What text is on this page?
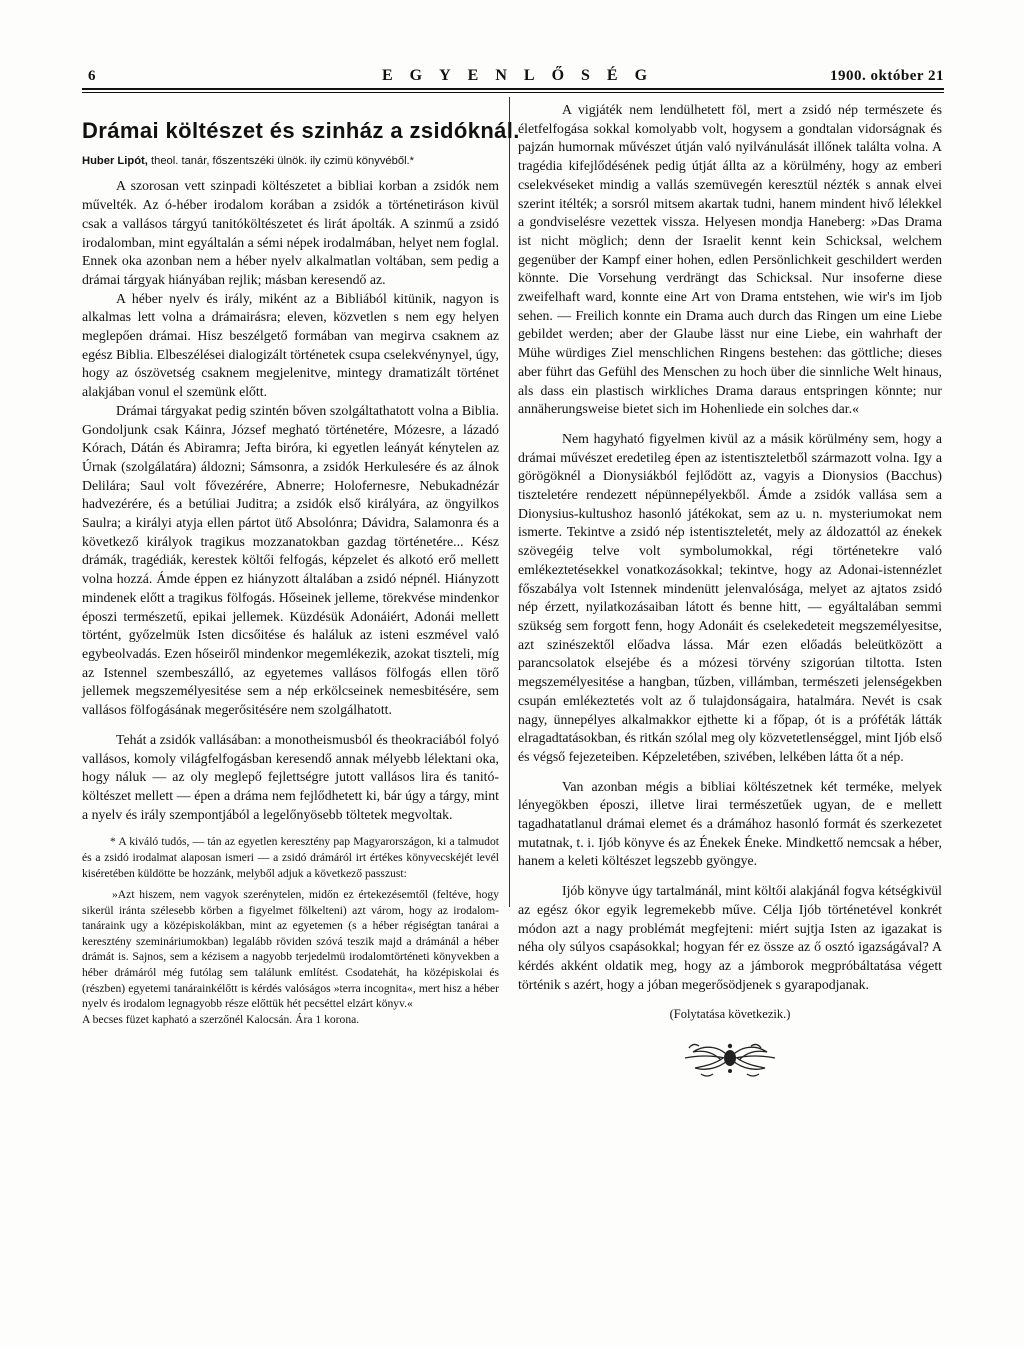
6	EGYENLŐSÉG	1900. október 21
Drámai költészet és szinház a zsidóknál.
Huber Lipót, theol. tanár, főszentszéki ülnök. ily czimü könyvéből.*

A szorosan vett szinpadi költészetet a bibliai korban a zsidók nem művelték. Az ó-héber irodalom korában a zsidók a történetiráson kivül csak a vallásos tárgyú tanitóköltészetet és lirát ápolták. A szinmű a zsidó irodalomban, mint egyáltalán a sémi népek irodalmában, helyet nem foglal. Ennek oka azonban nem a héber nyelv alkalmatlan voltában, sem pedig a drámai tárgyak hiányában rejlik; másban keresendő az.

A héber nyelv és irály, miként az a Bibliából kitünik, nagyon is alkalmas lett volna a drámairásra; eleven, közvetlen s nem egy helyen meglepően drámai. Hisz beszélgető formában van megirva csaknem az egész Biblia. Elbeszélései dialogizált történetek csupa cselekvénynyel, úgy, hogy az ószövetség csaknem megjelenitve, mintegy dramatizált történet alakjában vonul el szemünk előtt.

Drámai tárgyakat pedig szintén bőven szolgáltathatott volna a Biblia. Gondoljunk csak Káinra, József megható történetére, Mózesre, a lázadó Kórach, Dátán és Abiramra; Jefta biróra, ki egyetlen leányát kénytelen az Úrnak (szolgálatára) áldozni; Sámsonra, a zsidók Herkulesére és az álnok Delilára; Saul volt fővezérére, Abnerre; Holofernesre, Nebukadnézár hadvezérére, és a betúliai Juditra; a zsidók első királyára, az öngyilkos Saulra; a királyi atyja ellen pártot ütő Absolónra; Dávidra, Salamonra és a következő királyok tragikus mozzanatokban gazdag történetére... Kész drámák, tragédiák, kerestek költői felfogás, képzelet és alkotó erő mellett volna hozzá. Ámde éppen ez hiányzott általában a zsidó népnél. Hiányzott mindenek előtt a tragikus fölfogás. Hőseinek jelleme, törekvése mindenkor époszi természetű, epikai jellemek. Küzdésük Adonáiért, Adonái mellett történt, győzelmük Isten dicsőitése és haláluk az isteni eszmével való egybeolvadás. Ezen hőseiről mindenkor megemlékezik, azokat tiszteli, míg az Istennel szembeszálló, az egyetemes vallásos fölfogás ellen törő jellemek megszemélyesitése sem a nép erkölcseinek nemesbitésére, sem vallásos fölfogásának megerősitésére nem szolgálhatott.

Tehát a zsidók vallásában: a monotheismusból és theokraciából folyó vallásos, komoly világfelfogásban keresendő annak mélyebb lélektani oka, hogy náluk — az oly meglepő fejlettségre jutott vallásos lira és tanitó-költészet mellett — épen a dráma nem fejlődhetett ki, bár úgy a tárgy, mint a nyelv és irály szempontjából a legelőnyösebb töltetek megvoltak.

* A kiváló tudós, — tán az egyetlen keresztény pap Magyarországon, ki a talmudot és a zsidó irodalmat alaposan ismeri — a zsidó drámáról irt értékes könyvecskéjét levél kiséretében küldötte be hozzánk, melyből adjuk a következő passzust:

»Azt hiszem, nem vagyok szerénytelen, midőn ez értekezésemtől (feltéve, hogy sikerül iránta szélesebb körben a figyelmet fölkelteni) azt várom, hogy az irodalom-tanáraink ugy a középiskolákban, mint az egyetemen (s a héber régiségtan tanárai a keresztény szemináriumokban) legalább röviden szóvá teszik majd a drámánál a héber drámát is. Sajnos, sem a kézisem a nagyobb terjedelmü irodalomtörténeti könyvekben a héber drámáról még futólag sem találunk említést. Csodatehát, ha középiskolai és (részben) egyetemi tanárainkélőtt is kérdés valóságos »terra incognita«, mert hisz a héber nyelv és irodalom legnagyobb része előttük hét pecséttel elzárt könyv.«

A becses füzet kapható a szerzőnél Kalocsán. Ára 1 korona.

A vigjáték nem lendülhetett föl, mert a zsidó nép természete és életfelfogása sokkal komolyabb volt, hogysem a gondtalan vidorságnak és pajzán humornak művészet útján való nyilvánulását illőnek találta volna. A tragédia kifejlődésének pedig útját állta az a körülmény, hogy az emberi cselekvéseket mindig a vallás szemüvegén keresztül nézték s annak elvei szerint itélték; a sorsról mitsem akartak tudni, hanem mindent hivő lélekkel a gondviselésre vezettek vissza. Helyesen mondja Haneberg: »Das Drama ist nicht möglich; denn der Israelit kennt kein Schicksal, welchem gegenüber der Kampf einer hohen, edlen Persönlichkeit geschildert werden könnte. Die Vorsehung verdrängt das Schicksal. Nur insoferne diese zweifelhaft ward, konnte eine Art von Drama entstehen, wie wir's im Ijob sehen. — Freilich konnte ein Drama auch durch das Ringen um eine Liebe gebildet werden; aber der Glaube lässt nur eine Liebe, ein wahrhaft der Mühe würdiges Ziel menschlichen Ringens bestehen: das göttliche; dieses aber führt das Gefühl des Menschen zu hoch über die sinnliche Welt hinaus, als dass ein plastisch wirkliches Drama daraus entspringen könnte; nur annäherungsweise bietet sich im Hohenliede ein solches dar.«

Nem hagyható figyelmen kivül az a másik körülmény sem, hogy a drámai művészet eredetileg épen az istentiszteletből származott volna. Igy a görögöknél a Dionysiákból fejlődött az, vagyis a Dionysios (Bacchus) tiszteletére rendezett népünnepélyekből. Ámde a zsidók vallása sem a Dionysius-kultushoz hasonló játékokat, sem az u. n. mysteriumokat nem ismerte. Tekintve a zsidó nép istentiszteletét, mely az áldozattól az énekek szövegéig telve volt symbolumokkal, régi történetekre való emlékeztetésekkel vonatkozásokkal; tekintve, hogy az Adonai-istennézlet főszabálya volt Istennek mindenütt jelenvalósága, melyet az ajtatos zsidó nép érzett, nyilatkozásaiban látott és benne hitt, — egyáltalában semmi szükség sem forgott fenn, hogy Adonáit és cselekedeteit megszemélyesitse, azt szinészektől előadva lássa. Már ezen előadás beleütközött a parancsolatok elsejébe és a mózesi törvény szigorúan tiltotta. Isten megszemélyesitése a hangban, tűzben, villámban, természeti jelenségekben csupán emlékeztetés volt az ő tulajdonságaira, hatalmára. Nevét is csak nagy, ünnepélyes alkalmakkor ejthette ki a főpap, ót is a próféták látták elragadtatásokban, és ritkán szólal meg oly közvetetlenséggel, mint Ijób első és végső fejezeteiben. Képzeletében, szivében, lelkében látta őt a nép.

Van azonban mégis a bibliai költészetnek két terméke, melyek lényegökben époszi, illetve lirai természetűek ugyan, de e mellett tagadhatatlanul drámai elemet és a drámához hasonló formát és szerkezetet mutatnak, t. i. Ijób könyve és az Énekek Éneke. Mindkettő nemcsak a héber, hanem a keleti költészet legszebb gyöngye.

Ijób könyve úgy tartalmánál, mint költői alakjánál fogva kétségkivül az egész ókor egyik legremekebb műve. Célja Ijób történetével konkrét módon azt a nagy problémát megfejteni: miért sujtja Isten az igazakat is néha oly súlyos csapásokkal; hogyan fér ez össze az ő osztó igazságával? A kérdés akként oldatik meg, hogy az a jámborok megpróbáltatása végett történik s azért, hogy a jóban megerősödjenek s gyarapodjanak.

(Folytatása következik.)
